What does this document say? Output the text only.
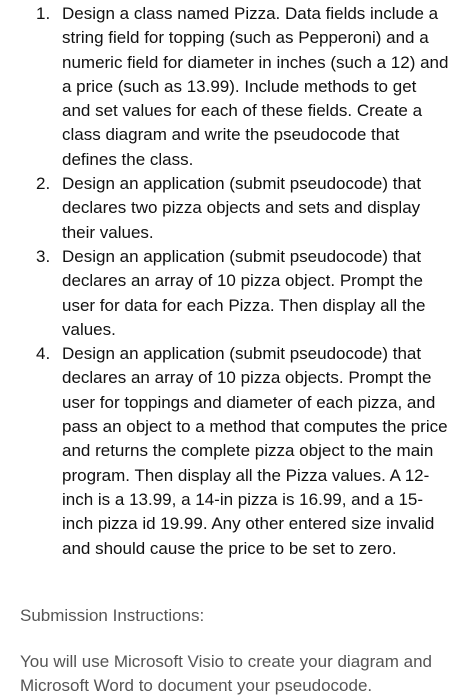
1. Design a class named Pizza. Data fields include a string field for topping (such as Pepperoni) and a numeric field for diameter in inches (such a 12) and a price (such as 13.99). Include methods to get and set values for each of these fields. Create a class diagram and write the pseudocode that defines the class.
2. Design an application (submit pseudocode) that declares two pizza objects and sets and display their values.
3. Design an application (submit pseudocode) that declares an array of 10 pizza object. Prompt the user for data for each Pizza. Then display all the values.
4. Design an application (submit pseudocode) that declares an array of 10 pizza objects. Prompt the user for toppings and diameter of each pizza, and pass an object to a method that computes the price and returns the complete pizza object to the main program. Then display all the Pizza values. A 12-inch is a 13.99, a 14-in pizza is 16.99, and a 15-inch pizza id 19.99. Any other entered size invalid and should cause the price to be set to zero.
Submission Instructions:
You will use Microsoft Visio to create your diagram and Microsoft Word to document your pseudocode.
